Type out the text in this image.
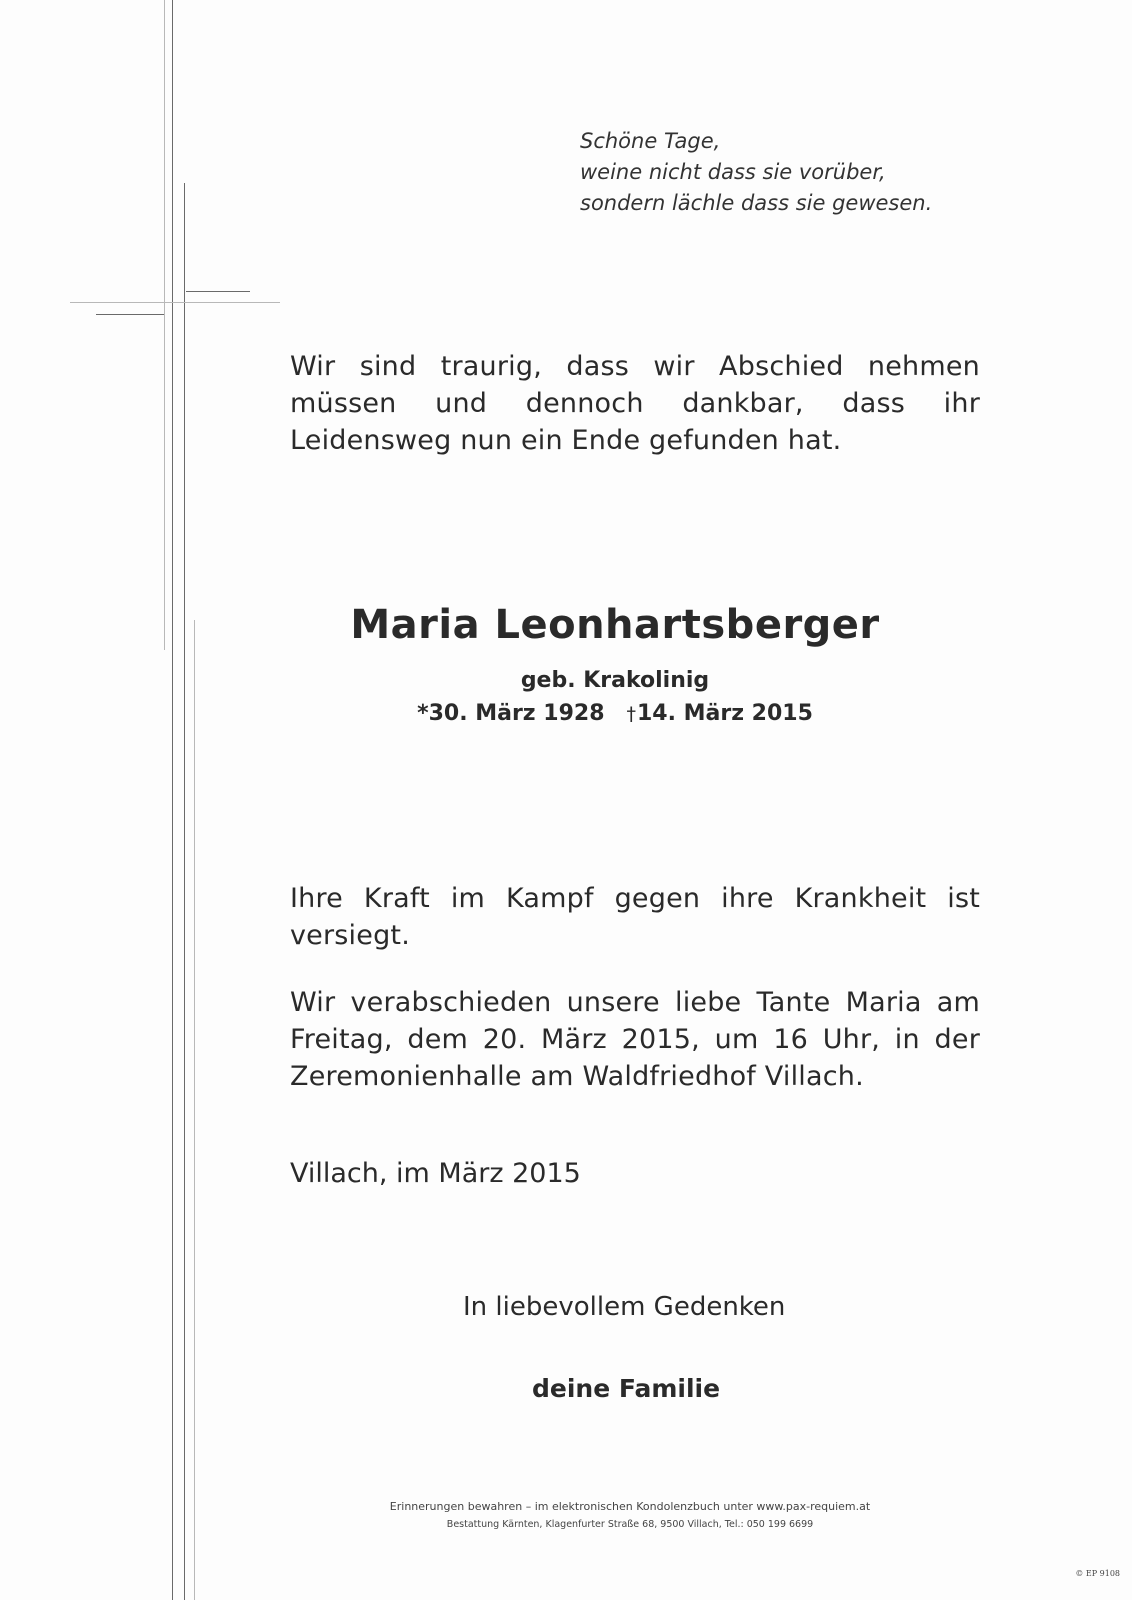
Schöne Tage,
weine nicht dass sie vorüber,
sondern lächle dass sie gewesen.
Wir sind traurig, dass wir Abschied nehmen müssen und dennoch dankbar, dass ihr Leidensweg nun ein Ende gefunden hat.
Maria Leonhartsberger
geb. Krakolinig
*30. März 1928 †14. März 2015
Ihre Kraft im Kampf gegen ihre Krankheit ist versiegt.
Wir verabschieden unsere liebe Tante Maria am Freitag, dem 20. März 2015, um 16 Uhr, in der Zeremonienhalle am Waldfriedhof Villach.
Villach, im März 2015
In liebevollem Gedenken
deine Familie
Erinnerungen bewahren – im elektronischen Kondolenzbuch unter www.pax-requiem.at
Bestattung Kärnten, Klagenfurter Straße 68, 9500 Villach, Tel.: 050 199 6699
© EP 9108
